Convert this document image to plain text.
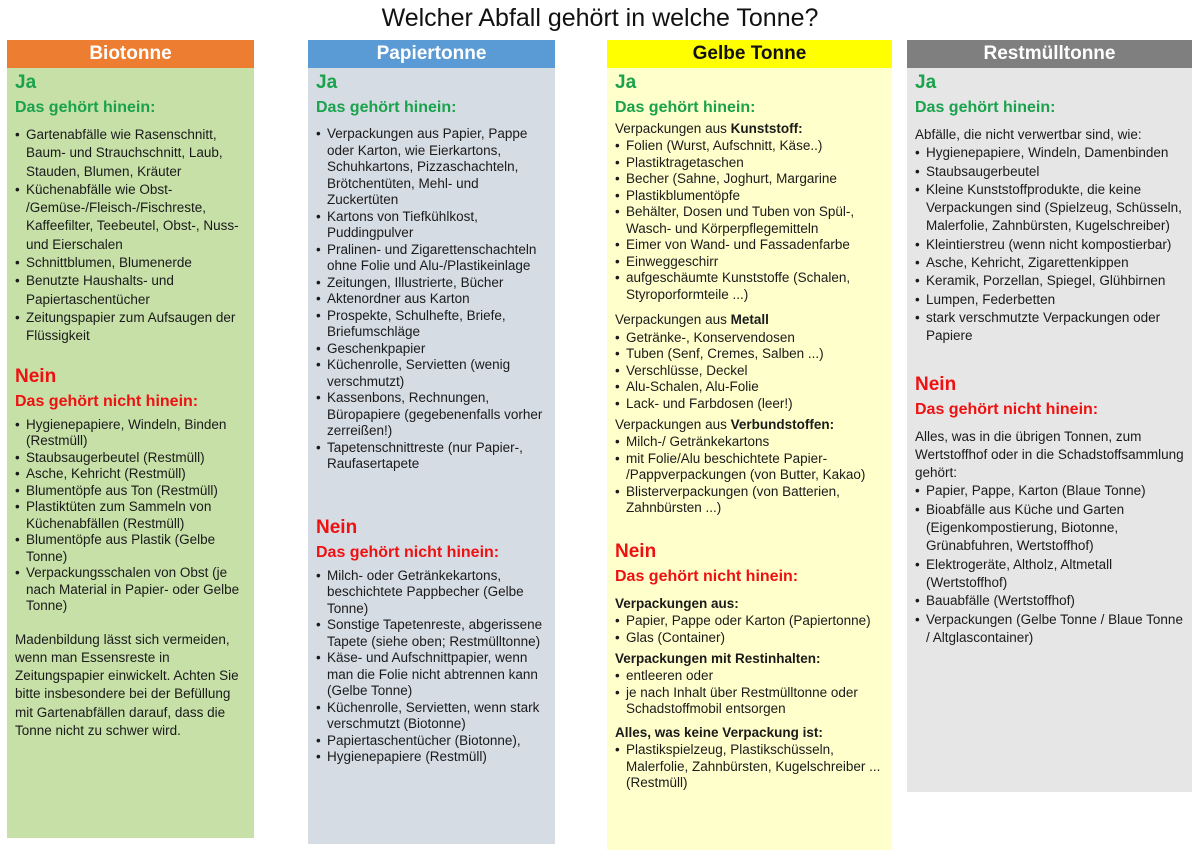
Welcher Abfall gehört in welche Tonne?
Biotonne
Ja
Das gehört hinein:
• Gartenabfälle wie Rasenschnitt, Baum- und Strauchschnitt, Laub, Stauden, Blumen, Kräuter
• Küchenabfälle wie Obst- /Gemüse-/Fleisch-/Fischreste, Kaffeefilter, Teebeutel, Obst-, Nuss- und Eierschalen
• Schnittblumen, Blumenerde
• Benutzte Haushalts- und Papiertaschentücher
• Zeitungspapier zum Aufsaugen der Flüssigkeit
Nein
Das gehört nicht hinein:
• Hygienepapiere, Windeln, Binden (Restmüll)
• Staubsaugerbeutel (Restmüll)
• Asche, Kehricht (Restmüll)
• Blumentöpfe aus Ton (Restmüll)
• Plastiktüten zum Sammeln von Küchenabfällen (Restmüll)
• Blumentöpfe aus Plastik (Gelbe Tonne)
• Verpackungsschalen von Obst (je nach Material in Papier- oder Gelbe Tonne)

Madenbildung lässt sich vermeiden, wenn man Essensreste in Zeitungspapier einwickelt. Achten Sie bitte insbesondere bei der Befüllung mit Gartenabfällen darauf, dass die Tonne nicht zu schwer wird.

Papiertonne
Ja
Das gehört hinein:
• Verpackungen aus Papier, Pappe oder Karton, wie Eierkartons, Schuhkartons, Pizzaschachteln, Brötchentüten, Mehl- und Zuckertüten
• Kartons von Tiefkühlkost, Puddingpulver
• Pralinen- und Zigarettenschachteln ohne Folie und Alu-/Plastikeinlage
• Zeitungen, Illustrierte, Bücher
• Aktenordner aus Karton
• Prospekte, Schulhefte, Briefe, Briefumschläge
• Geschenkpapier
• Küchenrolle, Servietten (wenig verschmutzt)
• Kassenbons, Rechnungen, Büropapiere (gegebenenfalls vorher zerreißen!)
• Tapetenschnittreste (nur Papier-, Raufasertapete
Nein
Das gehört nicht hinein:
• Milch- oder Getränkekartons, beschichtete Pappbecher (Gelbe Tonne)
• Sonstige Tapetenreste, abgerissene Tapete (siehe oben; Restmülltonne)
• Käse- und Aufschnittpapier, wenn man die Folie nicht abtrennen kann (Gelbe Tonne)
• Küchenrolle, Servietten, wenn stark verschmutzt (Biotonne)
• Papiertaschentücher (Biotonne),
• Hygienepapiere (Restmüll)
Gelbe Tonne
Ja
Das gehört hinein:

Verpackungen aus Kunststoff:

• Folien (Wurst, Aufschnitt, Käse..)
• Plastiktragetaschen
• Becher (Sahne, Joghurt, Margarine
• Plastikblumentöpfe
• Behälter, Dosen und Tuben von Spül-, Wasch- und Körperpflegemitteln
• Eimer von Wand- und Fassadenfarbe
• Einweggeschirr
• aufgeschäumte Kunststoffe (Schalen, Styroporformteile ...)

Verpackungen aus Metall

• Getränke-, Konservendosen
• Tuben (Senf, Cremes, Salben ...)
• Verschlüsse, Deckel
• Alu-Schalen, Alu-Folie
• Lack- und Farbdosen (leer!)

Verpackungen aus Verbundstoffen:

• Milch-/ Getränkekartons
• mit Folie/Alu beschichtete Papier- /Pappverpackungen (von Butter, Kakao)
• Blisterverpackungen (von Batterien, Zahnbürsten ...)
Nein
Das gehört nicht hinein:

Verpackungen aus:

• Papier, Pappe oder Karton (Papiertonne)
• Glas (Container)

Verpackungen mit Restinhalten:

• entleeren oder
• je nach Inhalt über Restmülltonne oder Schadstoffmobil entsorgen

Alles, was keine Verpackung ist:

• Plastikspielzeug, Plastikschüsseln, Malerfolie, Zahnbürsten, Kugelschreiber ... (Restmüll)
Restmülltonne
Ja
Das gehört hinein:

Abfälle, die nicht verwertbar sind, wie:

• Hygienepapiere, Windeln, Damenbinden
• Staubsaugerbeutel
• Kleine Kunststoffprodukte, die keine Verpackungen sind (Spielzeug, Schüsseln, Malerfolie, Zahnbürsten, Kugelschreiber)
• Kleintierstreu (wenn nicht kompostierbar)
• Asche, Kehricht, Zigarettenkippen
• Keramik, Porzellan, Spiegel, Glühbirnen
• Lumpen, Federbetten
• stark verschmutzte Verpackungen oder Papiere
Nein
Das gehört nicht hinein:

Alles, was in die übrigen Tonnen, zum Wertstoffhof oder in die Schadstoffsammlung gehört:

• Papier, Pappe, Karton (Blaue Tonne)
• Bioabfälle aus Küche und Garten (Eigenkompostierung, Biotonne, Grünabfuhren, Wertstoffhof)
• Elektrogeräte, Altholz, Altmetall (Wertstoffhof)
• Bauabfälle (Wertstoffhof)
• Verpackungen (Gelbe Tonne / Blaue Tonne / Altglascontainer)
